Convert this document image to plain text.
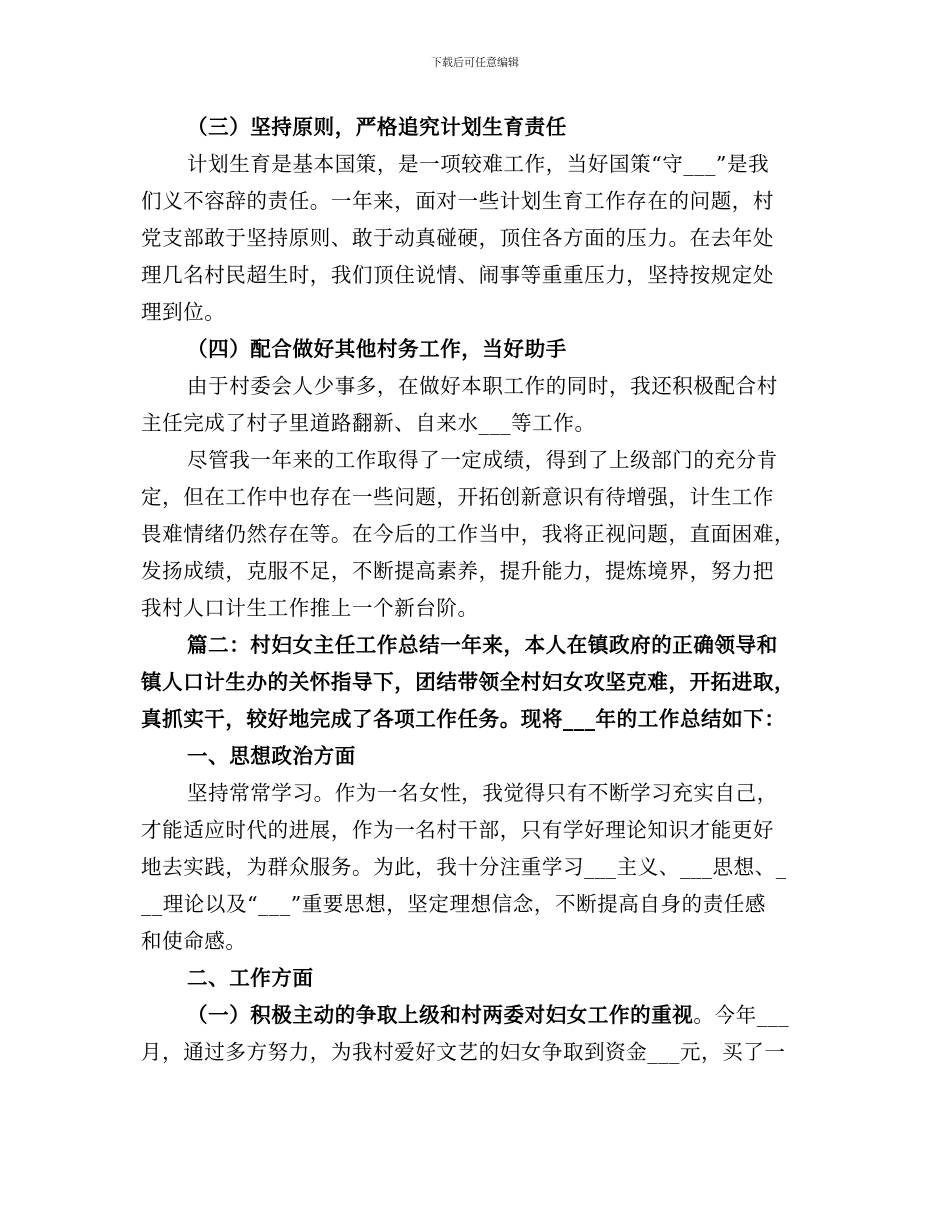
下载后可任意编辑
（三）坚持原则，严格追究计划生育责任
计划生育是基本国策，是一项较难工作，当好国策“守___”是我
们义不容辞的责任。一年来，面对一些计划生育工作存在的问题，村
党支部敢于坚持原则、敢于动真碰硬，顶住各方面的压力。在去年处
理几名村民超生时，我们顶住说情、闹事等重重压力，坚持按规定处
理到位。
（四）配合做好其他村务工作，当好助手
由于村委会人少事多，在做好本职工作的同时，我还积极配合村
主任完成了村子里道路翻新、自来水___等工作。
尽管我一年来的工作取得了一定成绩，得到了上级部门的充分肯
定，但在工作中也存在一些问题，开拓创新意识有待增强，计生工作
畏难情绪仍然存在等。在今后的工作当中，我将正视问题，直面困难，
发扬成绩，克服不足，不断提高素养，提升能力，提炼境界，努力把
我村人口计生工作推上一个新台阶。
篇二：村妇女主任工作总结一年来，本人在镇政府的正确领导和
镇人口计生办的关怀指导下，团结带领全村妇女攻坚克难，开拓进取，
真抓实干，较好地完成了各项工作任务。现将___年的工作总结如下：
一、思想政治方面
坚持常常学习。作为一名女性，我觉得只有不断学习充实自己，
才能适应时代的进展，作为一名村干部，只有学好理论知识才能更好
地去实践，为群众服务。为此，我十分注重学习___主义、___思想、_
__理论以及“___”重要思想，坚定理想信念，不断提高自身的责任感
和使命感。
二、工作方面
（一）积极主动的争取上级和村两委对妇女工作的重视。今年___
月，通过多方努力，为我村爱好文艺的妇女争取到资金___元，买了一
